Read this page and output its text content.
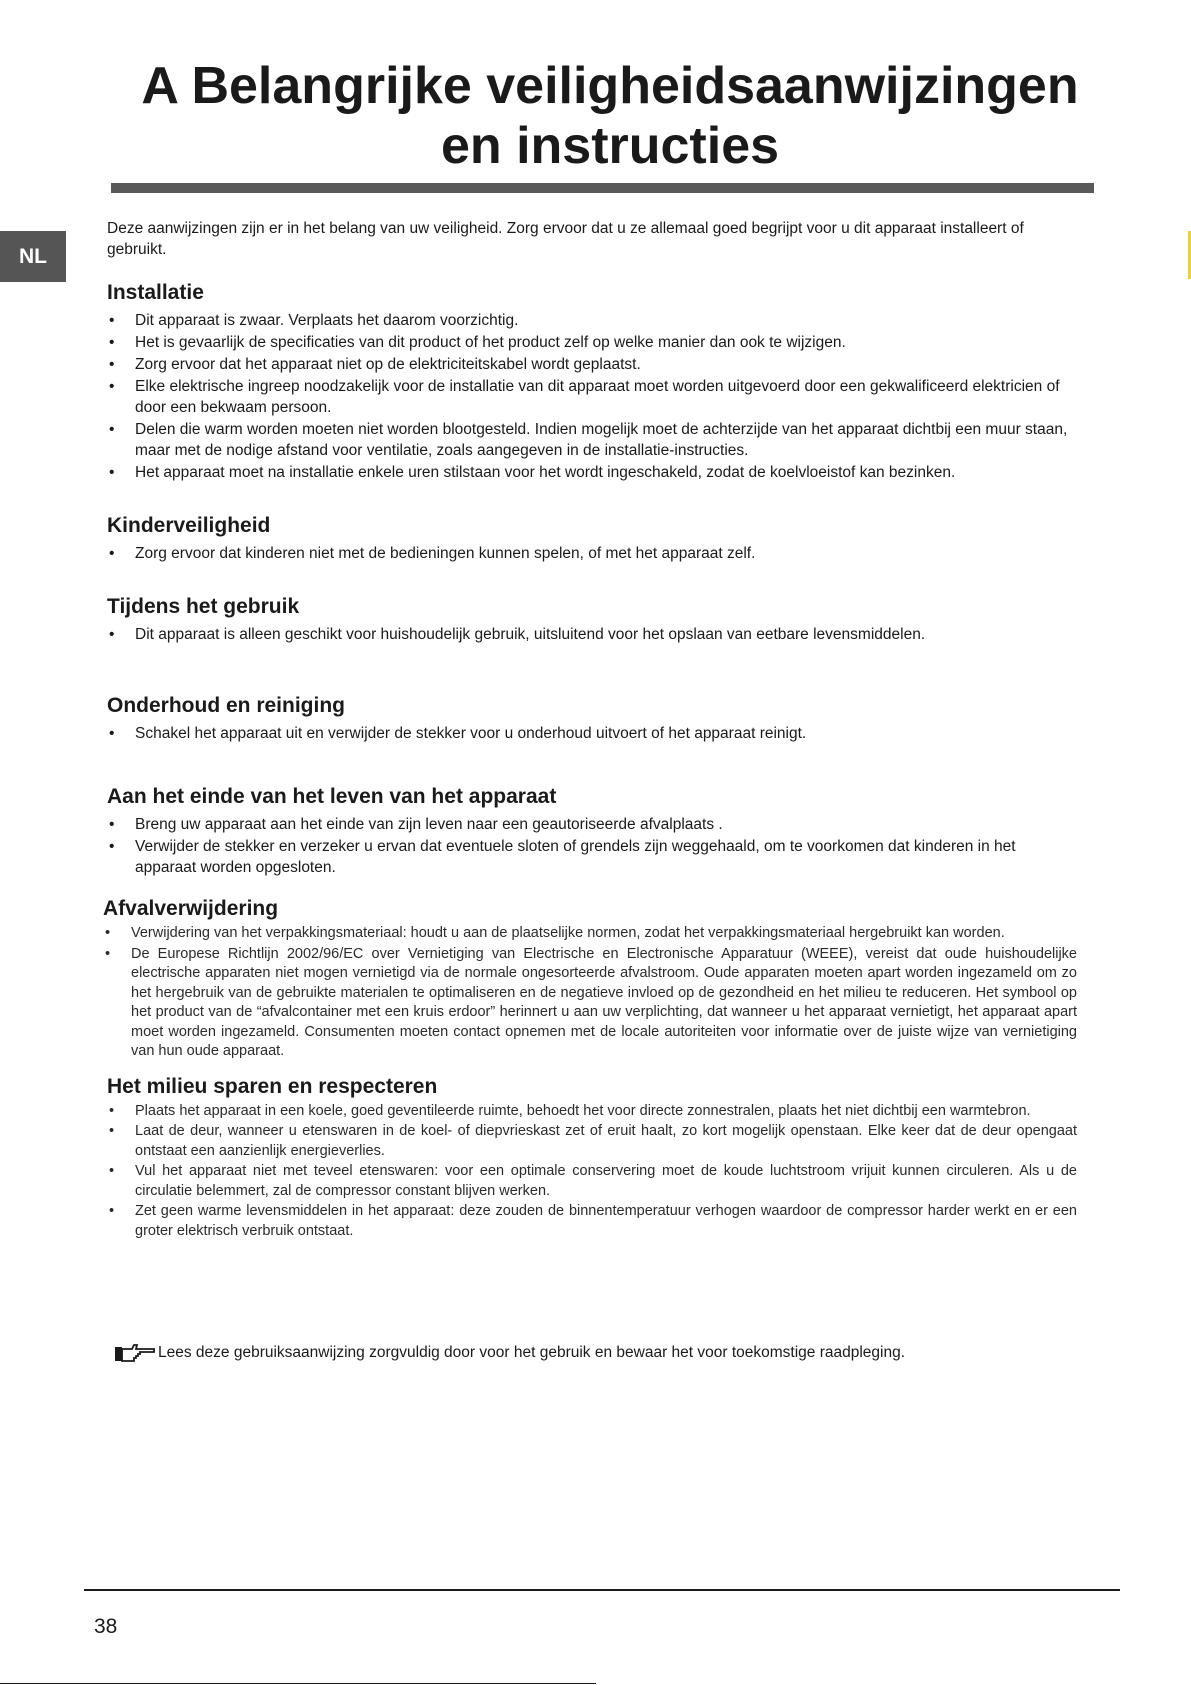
A Belangrijke veiligheidsaanwijzingen
en instructies
NL

Deze aanwijzingen zijn er in het belang van uw veiligheid. Zorg ervoor dat u ze allemaal goed begrijpt voor u dit apparaat installeert of gebruikt.

Installatie
• Dit apparaat is zwaar. Verplaats het daarom voorzichtig.
• Het is gevaarlijk de specificaties van dit product of het product zelf op welke manier dan ook te wijzigen.
• Zorg ervoor dat het apparaat niet op de elektriciteitskabel wordt geplaatst.
• Elke elektrische ingreep noodzakelijk voor de installatie van dit apparaat moet worden uitgevoerd door een gekwalificeerd elektricien of door een bekwaam persoon.
• Delen die warm worden moeten niet worden blootgesteld. Indien mogelijk moet de achterzijde van het apparaat dichtbij een muur staan, maar met de nodige afstand voor ventilatie, zoals aangegeven in de installatie-instructies.
• Het apparaat moet na installatie enkele uren stilstaan voor het wordt ingeschakeld, zodat de koelvloeistof kan bezinken.
Kinderveiligheid
• Zorg ervoor dat kinderen niet met de bedieningen kunnen spelen, of met het apparaat zelf.
Tijdens het gebruik
• Dit apparaat is alleen geschikt voor huishoudelijk gebruik, uitsluitend voor het opslaan van eetbare levensmiddelen.
Onderhoud en reiniging
• Schakel het apparaat uit en verwijder de stekker voor u onderhoud uitvoert of het apparaat reinigt.
Aan het einde van het leven van het apparaat
• Breng uw apparaat aan het einde van zijn leven naar een geautoriseerde afvalplaats .
• Verwijder de stekker en verzeker u ervan dat eventuele sloten of grendels zijn weggehaald, om te voorkomen dat kinderen in het apparaat worden opgesloten.
Afvalverwijdering
• Verwijdering van het verpakkingsmateriaal: houdt u aan de plaatselijke normen, zodat het verpakkingsmateriaal hergebruikt kan worden.
• De Europese Richtlijn 2002/96/EC over Vernietiging van Electrische en Electronische Apparatuur (WEEE), vereist dat oude huishoudelijke electrische apparaten niet mogen vernietigd via de normale ongesorteerde afvalstroom. Oude apparaten moeten apart worden ingezameld om zo het hergebruik van de gebruikte materialen te optimaliseren en de negatieve invloed op de gezondheid en het milieu te reduceren. Het symbool op het product van de “afvalcontainer met een kruis erdoor” herinnert u aan uw verplichting, dat wanneer u het apparaat vernietigt, het apparaat apart moet worden ingezameld. Consumenten moeten contact opnemen met de locale autoriteiten voor informatie over de juiste wijze van vernietiging van hun oude apparaat.
Het milieu sparen en respecteren
• Plaats het apparaat in een koele, goed geventileerde ruimte, behoedt het voor directe zonnestralen, plaats het niet dichtbij een warmtebron.
• Laat de deur, wanneer u etenswaren in de koel- of diepvrieskast zet of eruit haalt, zo kort mogelijk openstaan. Elke keer dat de deur opengaat ontstaat een aanzienlijk energieverlies.
• Vul het apparaat niet met teveel etenswaren: voor een optimale conservering moet de koude luchtstroom vrijuit kunnen circuleren. Als u de circulatie belemmert, zal de compressor constant blijven werken.
• Zet geen warme levensmiddelen in het apparaat: deze zouden de binnentemperatuur verhogen waardoor de compressor harder werkt en er een groter elektrisch verbruik ontstaat.
Lees deze gebruiksaanwijzing zorgvuldig door voor het gebruik en bewaar het voor toekomstige raadpleging.
38
